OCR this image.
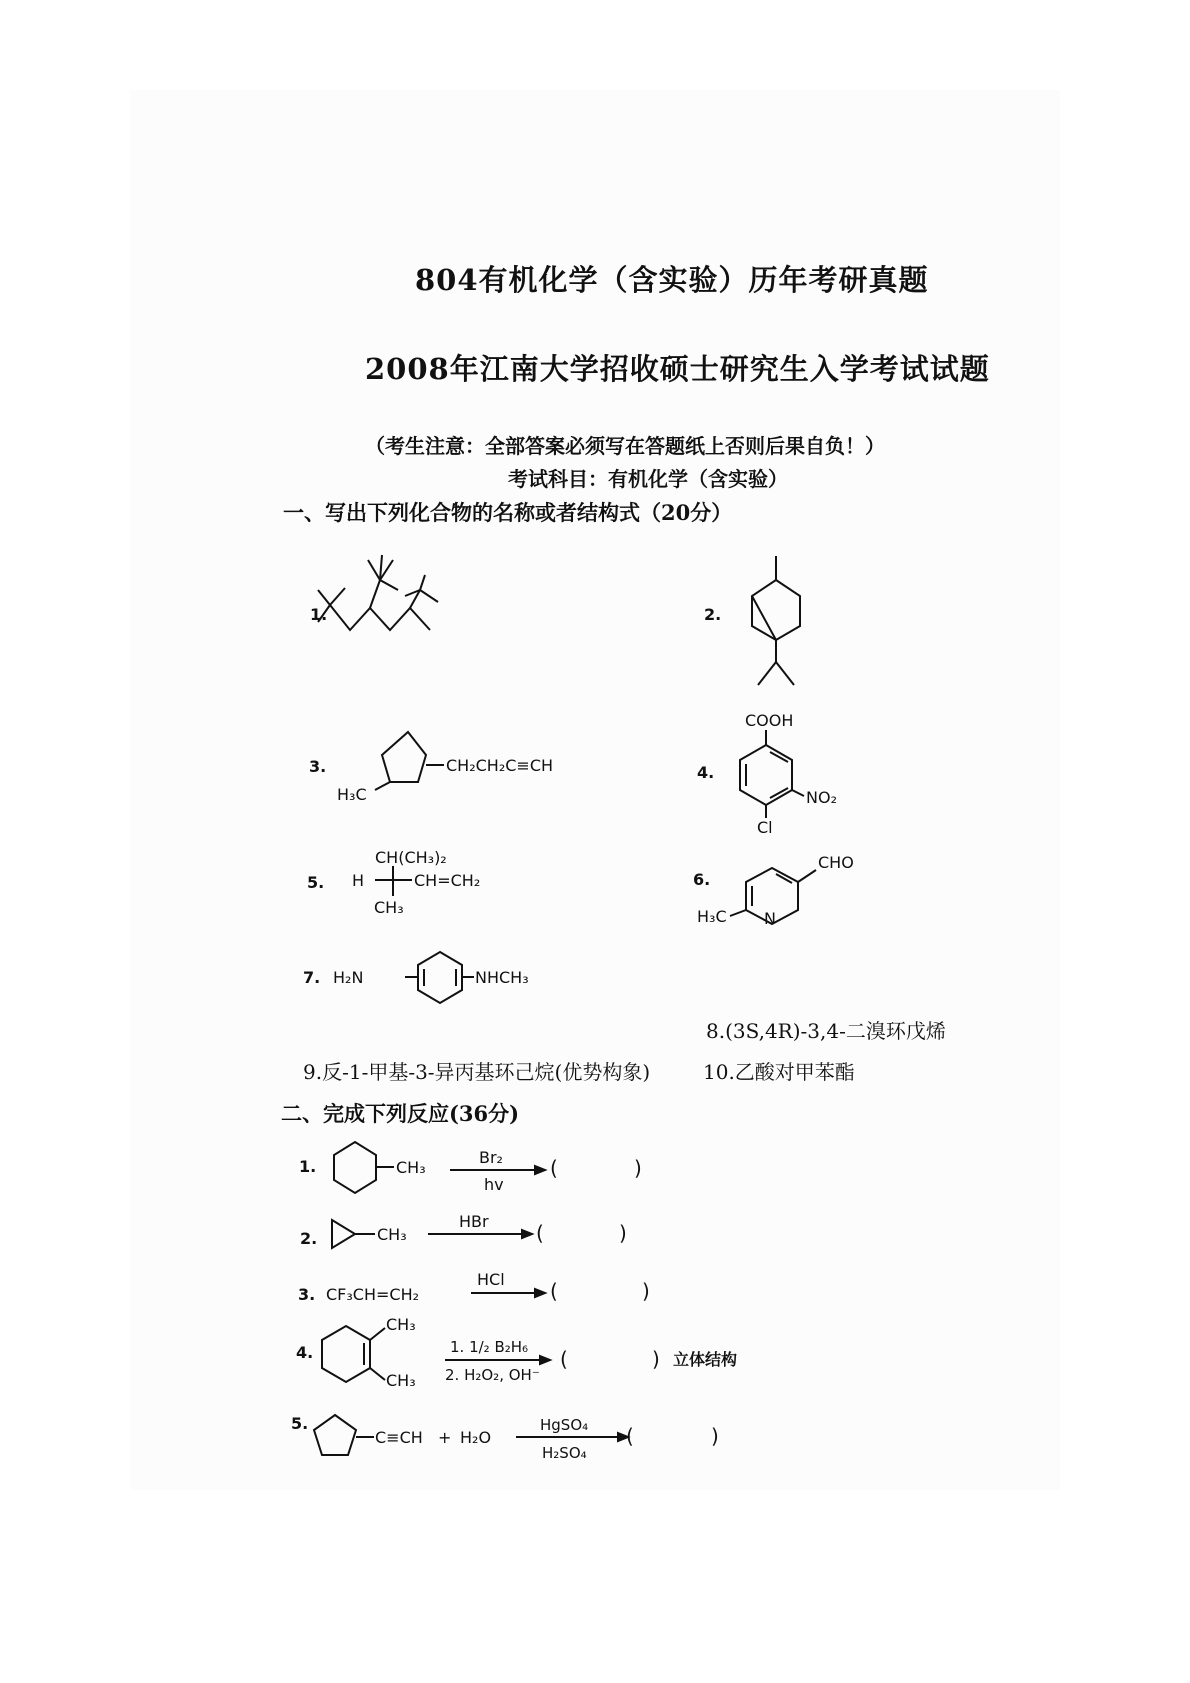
804有机化学（含实验）历年考研真题
2008年江南大学招收硕士研究生入学考试试题
（考生注意：全部答案必须写在答题纸上否则后果自负！）
考试科目：有机化学（含实验）
一、写出下列化合物的名称或者结构式（20分）
1.	2.
3.	4.
5.	6.
7.
H₃C
CH₂CH₂C≡CH
COOH
NO₂
Cl
CH(CH₃)₂
H	CH=CH₂
CH₃
CHO
H₃C N
H₂N	NHCH₃
1.
2.
3.
4.
5.
CH₃
Br₂
hv
(	)
CH₃
HBr (	)
CF₃CH=CH₂
HCl (	)
CH₃
CH₃
1. 1/₂ B₂H₆
2. H₂O₂, OH⁻
(	) 立体结构
C≡CH + H₂O
HgSO₄
H₂SO₄
(	)
8.(3S,4R)-3,4-二溴环戊烯
9.反-1-甲基-3-异丙基环己烷(优势构象)	10.乙酸对甲苯酯
二、完成下列反应(36分)
